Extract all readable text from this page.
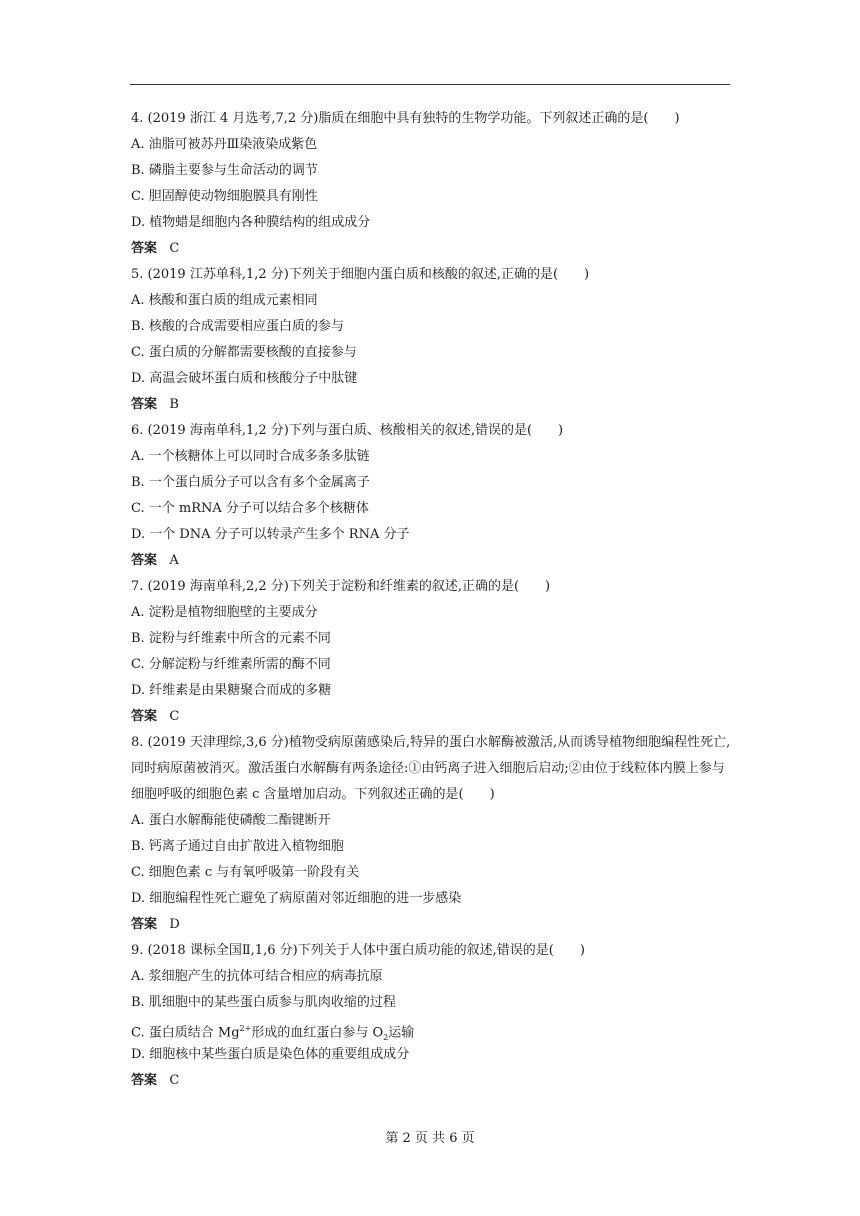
4. (2019 浙江 4 月选考,7,2 分)脂质在细胞中具有独特的生物学功能。下列叙述正确的是(　　)
A. 油脂可被苏丹Ⅲ染液染成紫色
B. 磷脂主要参与生命活动的调节
C. 胆固醇使动物细胞膜具有刚性
D. 植物蜡是细胞内各种膜结构的组成成分
答案 C
5. (2019 江苏单科,1,2 分)下列关于细胞内蛋白质和核酸的叙述,正确的是(　　)
A. 核酸和蛋白质的组成元素相同
B. 核酸的合成需要相应蛋白质的参与
C. 蛋白质的分解都需要核酸的直接参与
D. 高温会破坏蛋白质和核酸分子中肽键
答案 B
6. (2019 海南单科,1,2 分)下列与蛋白质、核酸相关的叙述,错误的是(　　)
A. 一个核糖体上可以同时合成多条多肽链
B. 一个蛋白质分子可以含有多个金属离子
C. 一个 mRNA 分子可以结合多个核糖体
D. 一个 DNA 分子可以转录产生多个 RNA 分子
答案 A
7. (2019 海南单科,2,2 分)下列关于淀粉和纤维素的叙述,正确的是(　　)
A. 淀粉是植物细胞壁的主要成分
B. 淀粉与纤维素中所含的元素不同
C. 分解淀粉与纤维素所需的酶不同
D. 纤维素是由果糖聚合而成的多糖
答案 C
8. (2019 天津理综,3,6 分)植物受病原菌感染后,特异的蛋白水解酶被激活,从而诱导植物细胞编程性死亡,
同时病原菌被消灭。激活蛋白水解酶有两条途径:①由钙离子进入细胞后启动;②由位于线粒体内膜上参与
细胞呼吸的细胞色素 c 含量增加启动。下列叙述正确的是(　　)
A. 蛋白水解酶能使磷酸二酯键断开
B. 钙离子通过自由扩散进入植物细胞
C. 细胞色素 c 与有氧呼吸第一阶段有关
D. 细胞编程性死亡避免了病原菌对邻近细胞的进一步感染
答案 D
9. (2018 课标全国Ⅱ,1,6 分)下列关于人体中蛋白质功能的叙述,错误的是(　　)
A. 浆细胞产生的抗体可结合相应的病毒抗原
B. 肌细胞中的某些蛋白质参与肌肉收缩的过程
C. 蛋白质结合 $Mg^{2+}$形成的血红蛋白参与 $O_2$运输
D. 细胞核中某些蛋白质是染色体的重要组成成分
答案 C
第 2 页 共 6 页
